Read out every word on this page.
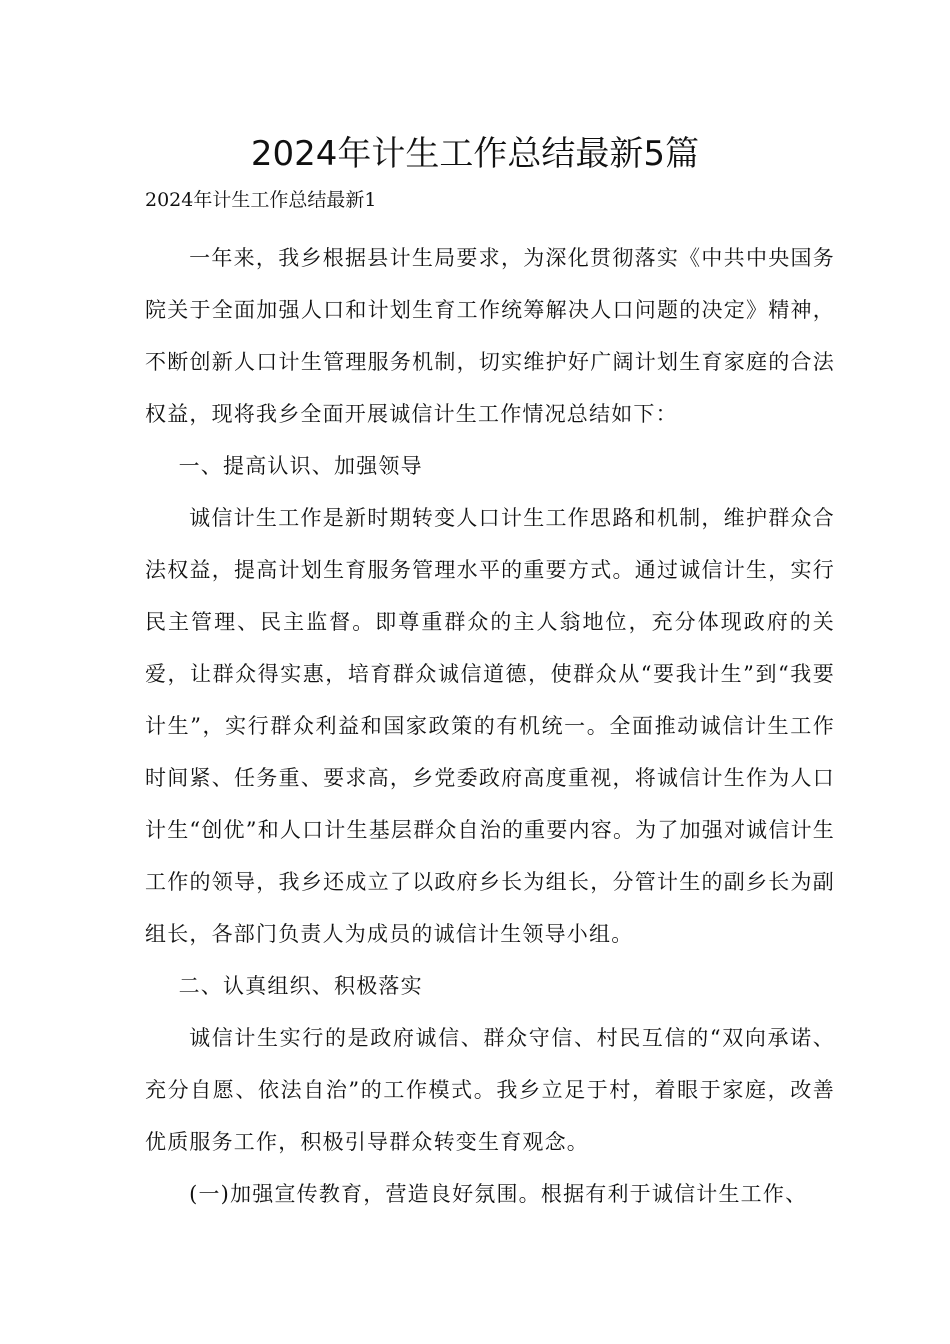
2024年计生工作总结最新5篇
2024年计生工作总结最新1

一年来，我乡根据县计生局要求，为深化贯彻落实《中共中央国务院关于全面加强人口和计划生育工作统筹解决人口问题的决定》精神，不断创新人口计生管理服务机制，切实维护好广阔计划生育家庭的合法权益，现将我乡全面开展诚信计生工作情况总结如下：

一、提高认识、加强领导

诚信计生工作是新时期转变人口计生工作思路和机制，维护群众合法权益，提高计划生育服务管理水平的重要方式。通过诚信计生，实行民主管理、民主监督。即尊重群众的主人翁地位，充分体现政府的关爱，让群众得实惠，培育群众诚信道德，使群众从“要我计生”到“我要计生”，实行群众利益和国家政策的有机统一。全面推动诚信计生工作时间紧、任务重、要求高，乡党委政府高度重视，将诚信计生作为人口计生“创优”和人口计生基层群众自治的重要内容。为了加强对诚信计生工作的领导，我乡还成立了以政府乡长为组长，分管计生的副乡长为副组长，各部门负责人为成员的诚信计生领导小组。

二、认真组织、积极落实

诚信计生实行的是政府诚信、群众守信、村民互信的“双向承诺、充分自愿、依法自治”的工作模式。我乡立足于村，着眼于家庭，改善优质服务工作，积极引导群众转变生育观念。

(一)加强宣传教育，营造良好氛围。根据有利于诚信计生工作、
